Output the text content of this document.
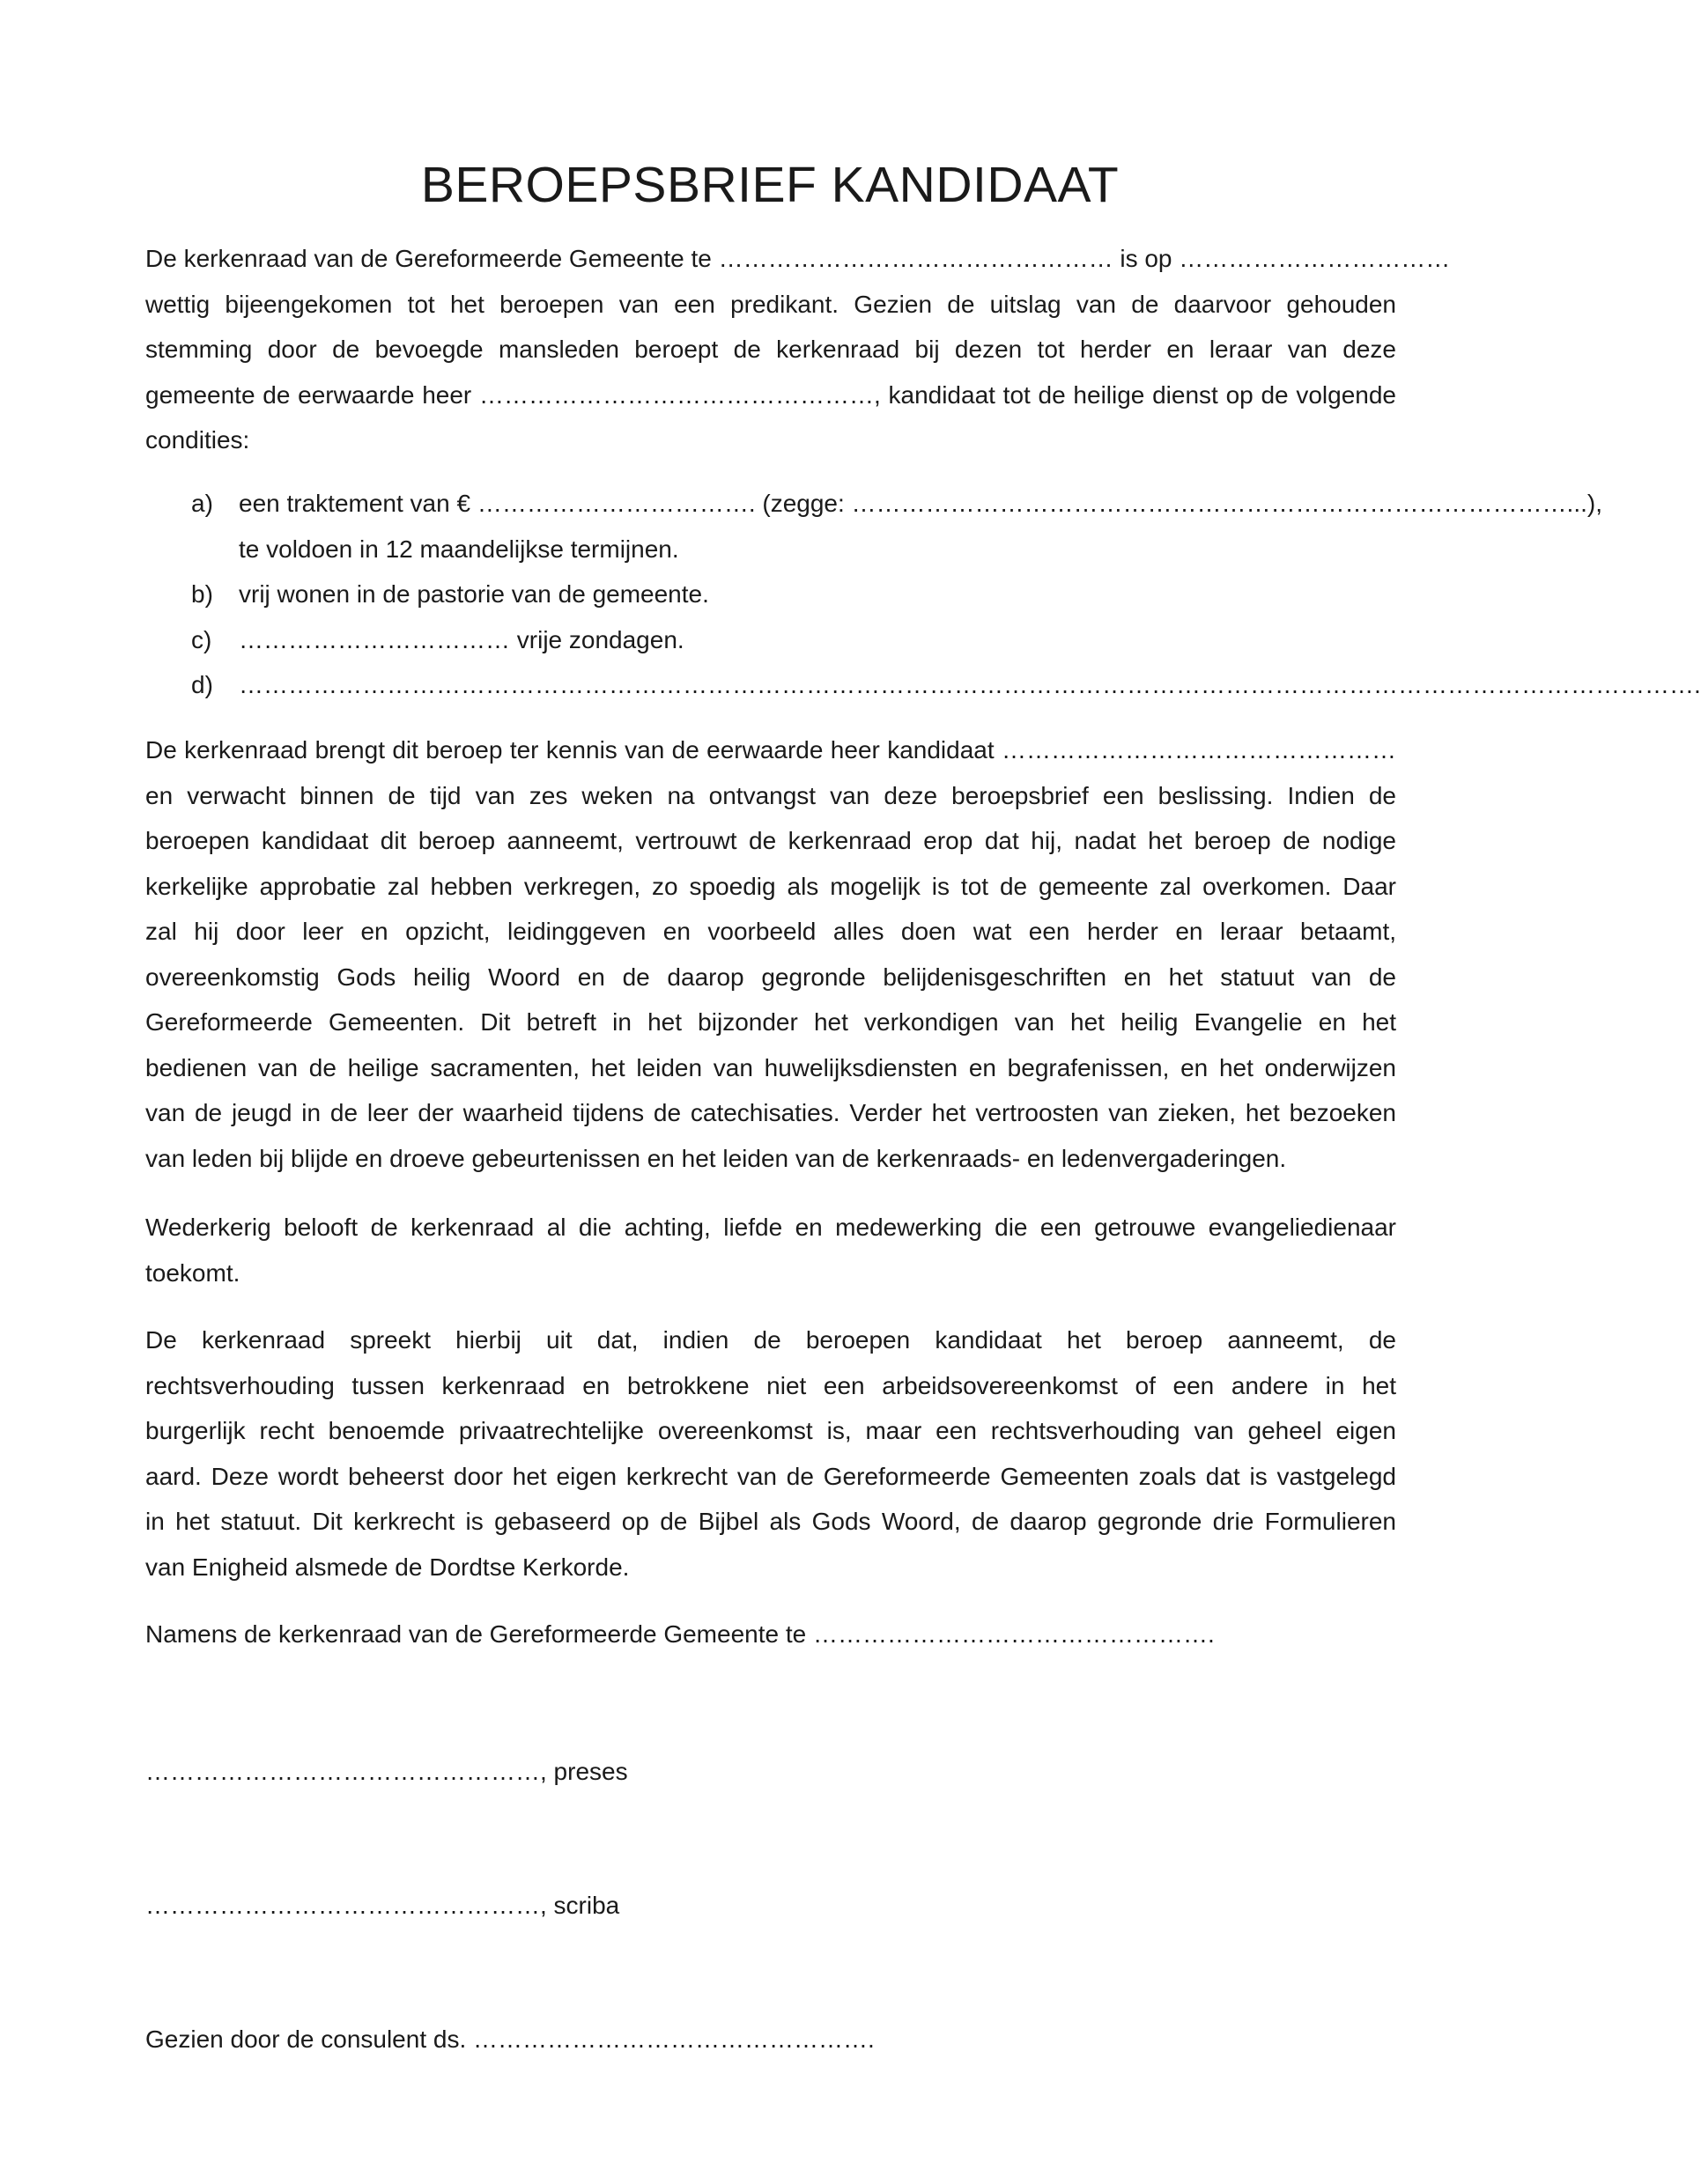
BEROEPSBRIEF KANDIDAAT
De kerkenraad van de Gereformeerde Gemeente te ………………………………………… is op ……………………………
wettig bijeengekomen tot het beroepen van een predikant. Gezien de uitslag van de daarvoor gehouden
stemming door de bevoegde mansleden beroept de kerkenraad bij dezen tot herder en leraar van deze
gemeente de eerwaarde heer …………………………………………, kandidaat tot de heilige dienst op de volgende
condities:
a) een traktement van € ……………………………. (zegge: ……………………………………………………………………………...),
te voldoen in 12 maandelijkse termijnen.
b) vrij wonen in de pastorie van de gemeente.
c) …………………………… vrije zondagen.
d) …………………………………………………………………………………………………………………………………………………………….
De kerkenraad brengt dit beroep ter kennis van de eerwaarde heer kandidaat …………………………………………
en verwacht binnen de tijd van zes weken na ontvangst van deze beroepsbrief een beslissing. Indien de
beroepen kandidaat dit beroep aanneemt, vertrouwt de kerkenraad erop dat hij, nadat het beroep de nodige
kerkelijke approbatie zal hebben verkregen, zo spoedig als mogelijk is tot de gemeente zal overkomen. Daar
zal hij door leer en opzicht, leidinggeven en voorbeeld alles doen wat een herder en leraar betaamt,
overeenkomstig Gods heilig Woord en de daarop gegronde belijdenisgeschriften en het statuut van de
Gereformeerde Gemeenten. Dit betreft in het bijzonder het verkondigen van het heilig Evangelie en het
bedienen van de heilige sacramenten, het leiden van huwelijksdiensten en begrafenissen, en het onderwijzen
van de jeugd in de leer der waarheid tijdens de catechisaties. Verder het vertroosten van zieken, het bezoeken
van leden bij blijde en droeve gebeurtenissen en het leiden van de kerkenraads- en ledenvergaderingen.
Wederkerig belooft de kerkenraad al die achting, liefde en medewerking die een getrouwe evangeliedienaar
toekomt.
De kerkenraad spreekt hierbij uit dat, indien de beroepen kandidaat het beroep aanneemt, de
rechtsverhouding tussen kerkenraad en betrokkene niet een arbeidsovereenkomst of een andere in het
burgerlijk recht benoemde privaatrechtelijke overeenkomst is, maar een rechtsverhouding van geheel eigen
aard. Deze wordt beheerst door het eigen kerkrecht van de Gereformeerde Gemeenten zoals dat is vastgelegd
in het statuut. Dit kerkrecht is gebaseerd op de Bijbel als Gods Woord, de daarop gegronde drie Formulieren
van Enigheid alsmede de Dordtse Kerkorde.

Namens de kerkenraad van de Gereformeerde Gemeente te ………………………………………….

…………………………………………, preses

…………………………………………, scriba

Gezien door de consulent ds. ………………………………………….
